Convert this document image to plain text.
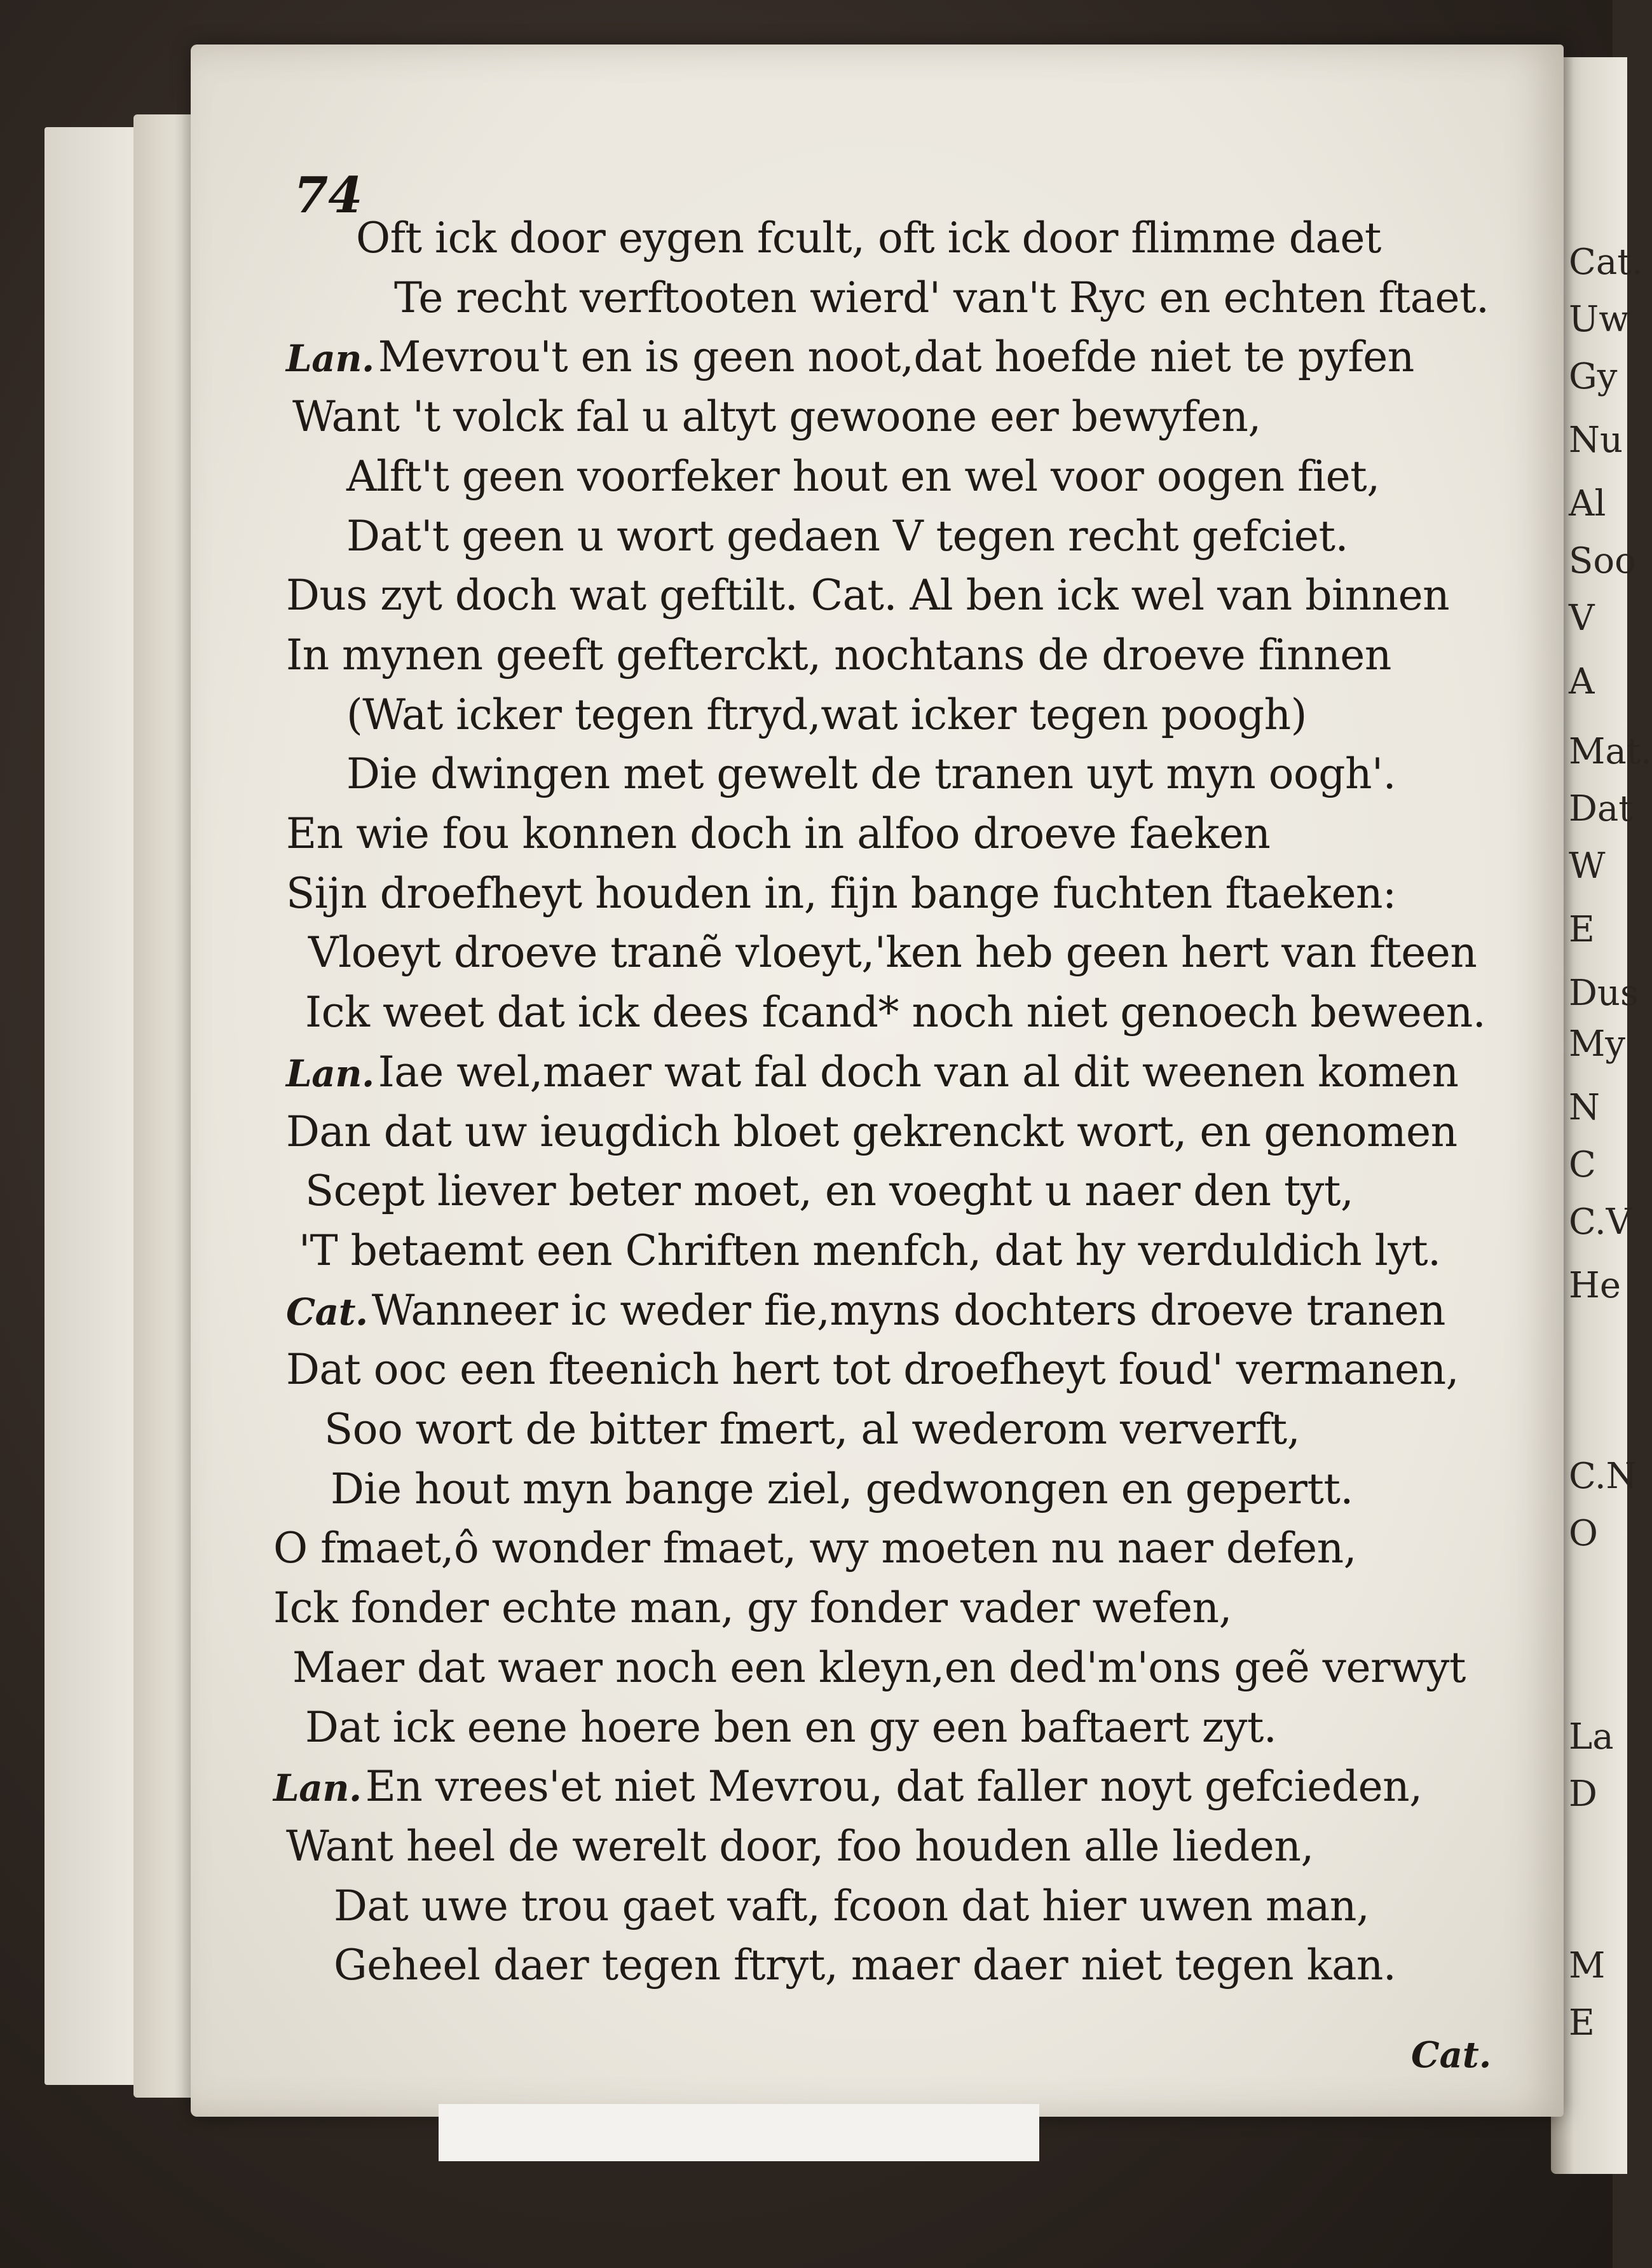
Cat.
Uw
Gy
Nu
Al
Soo
V
A
Mat.
Dat
W
E
Dus
My
N
C
C.V
He
C.N
O
La
D
M
E
74
Oft ick door eygen fcult, oft ick door flimme daet
Te recht verftooten wierd' van't Ryc en echten ftaet.
Lan.Mevrou't en is geen noot,dat hoefde niet te pyfen
Want 't volck fal u altyt gewoone eer bewyfen,
Alft't geen voorfeker hout en wel voor oogen fiet,
Dat't geen u wort gedaen V tegen recht gefciet.
Dus zyt doch wat geftilt. Cat. Al ben ick wel van binnen
In mynen geeft gefterckt, nochtans de droeve finnen
(Wat icker tegen ftryd,wat icker tegen poogh)
Die dwingen met gewelt de tranen uyt myn oogh'.
En wie fou konnen doch in alfoo droeve faeken
Sijn droefheyt houden in, fijn bange fuchten ftaeken:
Vloeyt droeve tranẽ vloeyt,'ken heb geen hert van fteen
Ick weet dat ick dees fcand* noch niet genoech beween.
Lan.Iae wel,maer wat fal doch van al dit weenen komen
Dan dat uw ieugdich bloet gekrenckt wort, en genomen
Scept liever beter moet, en voeght u naer den tyt,
'T betaemt een Chriften menfch, dat hy verduldich lyt.
Cat.Wanneer ic weder fie,myns dochters droeve tranen
Dat ooc een fteenich hert tot droefheyt foud' vermanen,
Soo wort de bitter fmert, al wederom ververft,
Die hout myn bange ziel, gedwongen en gepertt.
O fmaet,ô wonder fmaet, wy moeten nu naer defen,
Ick fonder echte man, gy fonder vader wefen,
Maer dat waer noch een kleyn,en ded'm'ons geẽ verwyt
Dat ick eene hoere ben en gy een baftaert zyt.
Lan.En vrees'et niet Mevrou, dat faller noyt gefcieden,
Want heel de werelt door, foo houden alle lieden,
Dat uwe trou gaet vaft, fcoon dat hier uwen man,
Geheel daer tegen ftryt, maer daer niet tegen kan.
Cat.
